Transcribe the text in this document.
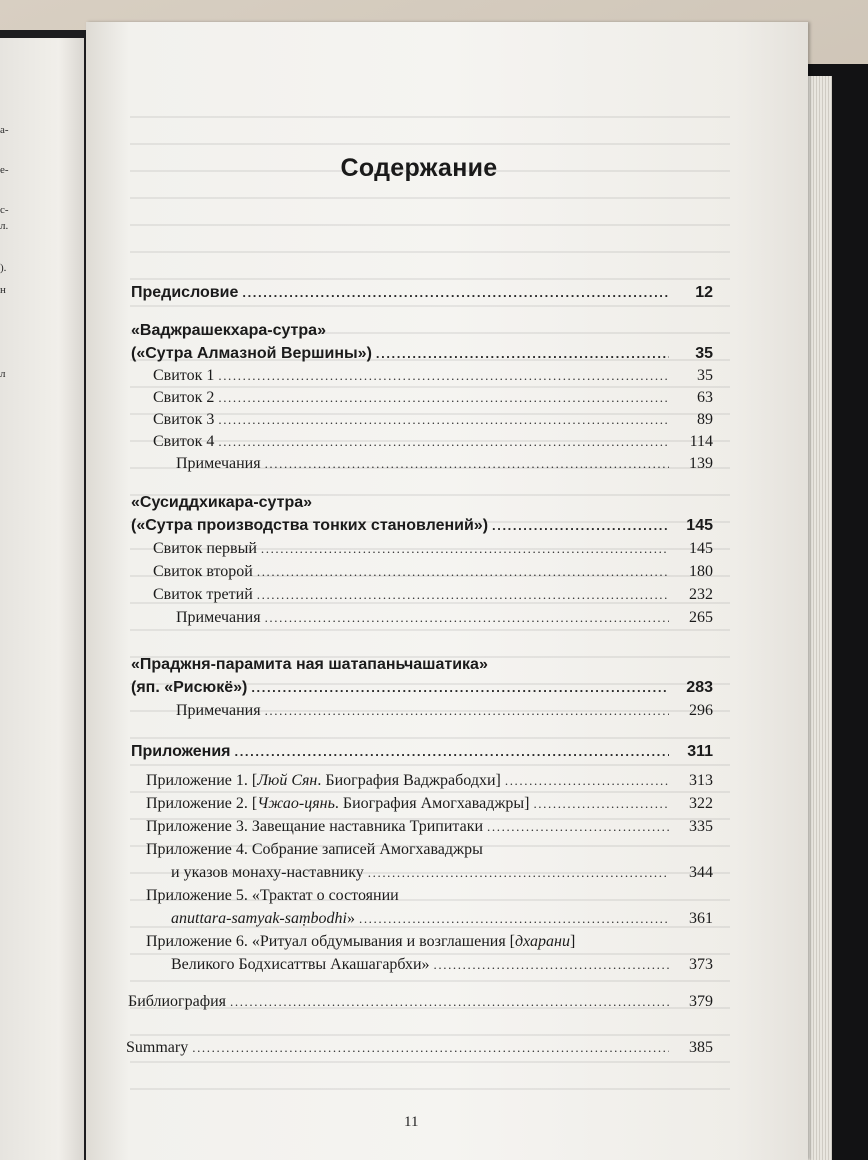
а-
е-
с-
л.
).
н
л
Содержание
Предисловие .....	12
«Ваджрашекхара-сутра»
(«Сутра Алмазной Вершины») .....	35
Свиток 1 .....	35
Свиток 2 .....	63
Свиток 3 .....	89
Свиток 4 .....	114
Примечания .....	139
«Сусиддхикара-сутра»
(«Сутра производства тонких становлений») .....	145
Свиток первый .....	145
Свиток второй .....	180
Свиток третий .....	232
Примечания .....	265
«Праджня-парамита ная шатапаньчашатика»
(яп. «Рисюкё») .....	283
Примечания .....	296
Приложения .....	311
Приложение 1. [Люй Сян. Биография Ваджрабодхи] .....	313
Приложение 2. [Чжао-цянь. Биография Амогхаваджры] .....	322
Приложение 3. Завещание наставника Трипитаки .....	335
Приложение 4. Собрание записей Амогхаваджры
и указов монаху-наставнику .....	344
Приложение 5. «Трактат о состоянии
anuttara-samyak-saṃbodhi» .....	361
Приложение 6. «Ритуал обдумывания и возглашения [дхарани]
Великого Бодхисаттвы Акашагарбхи» .....	373
Библиография .....	379
Summary .....	385
11
